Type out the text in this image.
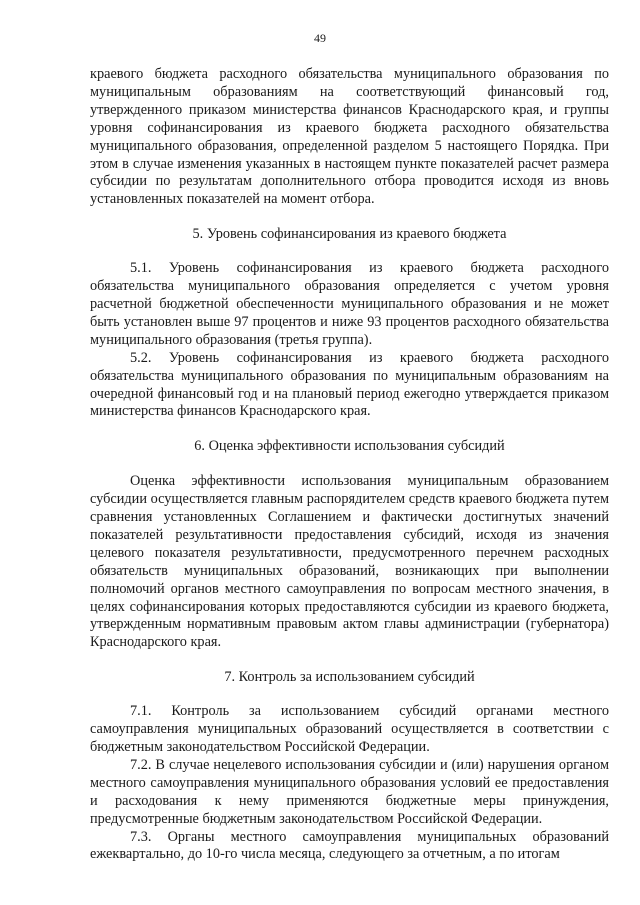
49

краевого бюджета расходного обязательства муниципального образования по муниципальным образованиям на соответствующий финансовый год, утвержденного приказом министерства финансов Краснодарского края, и группы уровня софинансирования из краевого бюджета расходного обязательства муниципального образования, определенной разделом 5 настоящего Порядка. При этом в случае изменения указанных в настоящем пункте показателей расчет размера субсидии по результатам дополнительного отбора проводится исходя из вновь установленных показателей на момент отбора.

5. Уровень софинансирования из краевого бюджета

5.1. Уровень софинансирования из краевого бюджета расходного обязательства муниципального образования определяется с учетом уровня расчетной бюджетной обеспеченности муниципального образования и не может быть установлен выше 97 процентов и ниже 93 процентов расходного обязательства муниципального образования (третья группа).

5.2. Уровень софинансирования из краевого бюджета расходного обязательства муниципального образования по муниципальным образованиям на очередной финансовый год и на плановый период ежегодно утверждается приказом министерства финансов Краснодарского края.

6. Оценка эффективности использования субсидий

Оценка эффективности использования муниципальным образованием субсидии осуществляется главным распорядителем средств краевого бюджета путем сравнения установленных Соглашением и фактически достигнутых значений показателей результативности предоставления субсидий, исходя из значения целевого показателя результативности, предусмотренного перечнем расходных обязательств муниципальных образований, возникающих при выполнении полномочий органов местного самоуправления по вопросам местного значения, в целях софинансирования которых предоставляются субсидии из краевого бюджета, утвержденным нормативным правовым актом главы администрации (губернатора) Краснодарского края.

7. Контроль за использованием субсидий

7.1. Контроль за использованием субсидий органами местного самоуправления муниципальных образований осуществляется в соответствии с бюджетным законодательством Российской Федерации.

7.2. В случае нецелевого использования субсидии и (или) нарушения органом местного самоуправления муниципального образования условий ее предоставления и расходования к нему применяются бюджетные меры принуждения, предусмотренные бюджетным законодательством Российской Федерации.

7.3. Органы местного самоуправления муниципальных образований ежеквартально, до 10-го числа месяца, следующего за отчетным, а по итогам
